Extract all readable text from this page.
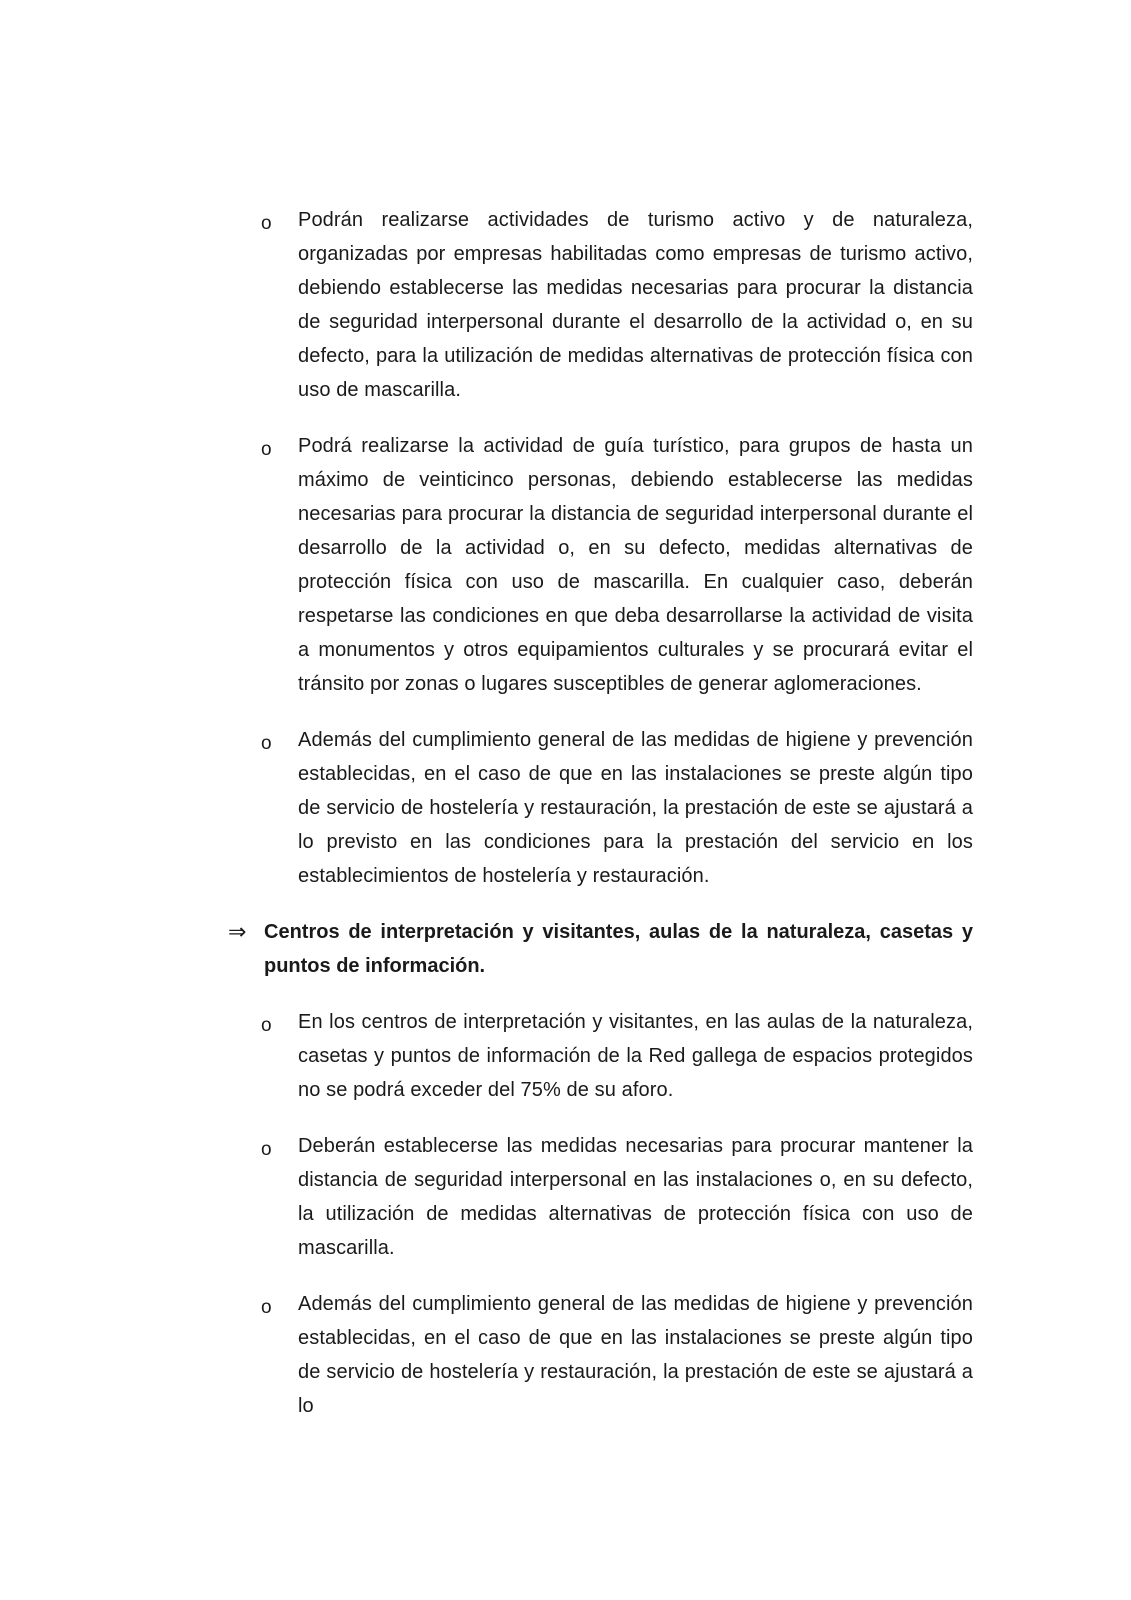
o Podrán realizarse actividades de turismo activo y de naturaleza, organizadas por empresas habilitadas como empresas de turismo activo, debiendo establecerse las medidas necesarias para procurar la distancia de seguridad interpersonal durante el desarrollo de la actividad o, en su defecto, para la utilización de medidas alternativas de protección física con uso de mascarilla.
o Podrá realizarse la actividad de guía turístico, para grupos de hasta un máximo de veinticinco personas, debiendo establecerse las medidas necesarias para procurar la distancia de seguridad interpersonal durante el desarrollo de la actividad o, en su defecto, medidas alternativas de protección física con uso de mascarilla. En cualquier caso, deberán respetarse las condiciones en que deba desarrollarse la actividad de visita a monumentos y otros equipamientos culturales y se procurará evitar el tránsito por zonas o lugares susceptibles de generar aglomeraciones.
o Además del cumplimiento general de las medidas de higiene y prevención establecidas, en el caso de que en las instalaciones se preste algún tipo de servicio de hostelería y restauración, la prestación de este se ajustará a lo previsto en las condiciones para la prestación del servicio en los establecimientos de hostelería y restauración.
⇒ Centros de interpretación y visitantes, aulas de la naturaleza, casetas y puntos de información.
o En los centros de interpretación y visitantes, en las aulas de la naturaleza, casetas y puntos de información de la Red gallega de espacios protegidos no se podrá exceder del 75% de su aforo.
o Deberán establecerse las medidas necesarias para procurar mantener la distancia de seguridad interpersonal en las instalaciones o, en su defecto, la utilización de medidas alternativas de protección física con uso de mascarilla.
o Además del cumplimiento general de las medidas de higiene y prevención establecidas, en el caso de que en las instalaciones se preste algún tipo de servicio de hostelería y restauración, la prestación de este se ajustará a lo
